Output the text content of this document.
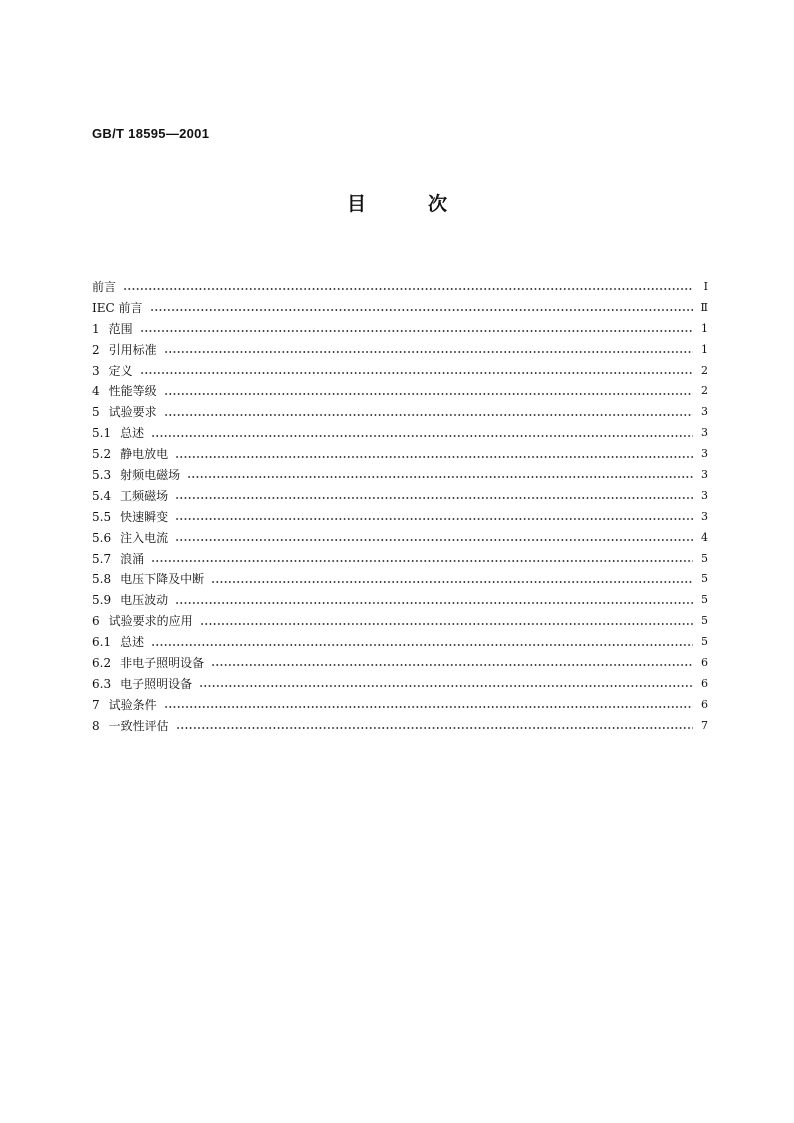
GB/T 18595—2001
目	次
前言	Ⅰ
IEC 前言	Ⅱ
1 范围	1
2 引用标准	1
3 定义	2
4 性能等级	2
5 试验要求	3
5.1 总述	3
5.2 静电放电	3
5.3 射频电磁场	3
5.4 工频磁场	3
5.5 快速瞬变	3
5.6 注入电流	4
5.7 浪涌	5
5.8 电压下降及中断	5
5.9 电压波动	5
6 试验要求的应用	5
6.1 总述	5
6.2 非电子照明设备	6
6.3 电子照明设备	6
7 试验条件	6
8 一致性评估	7
